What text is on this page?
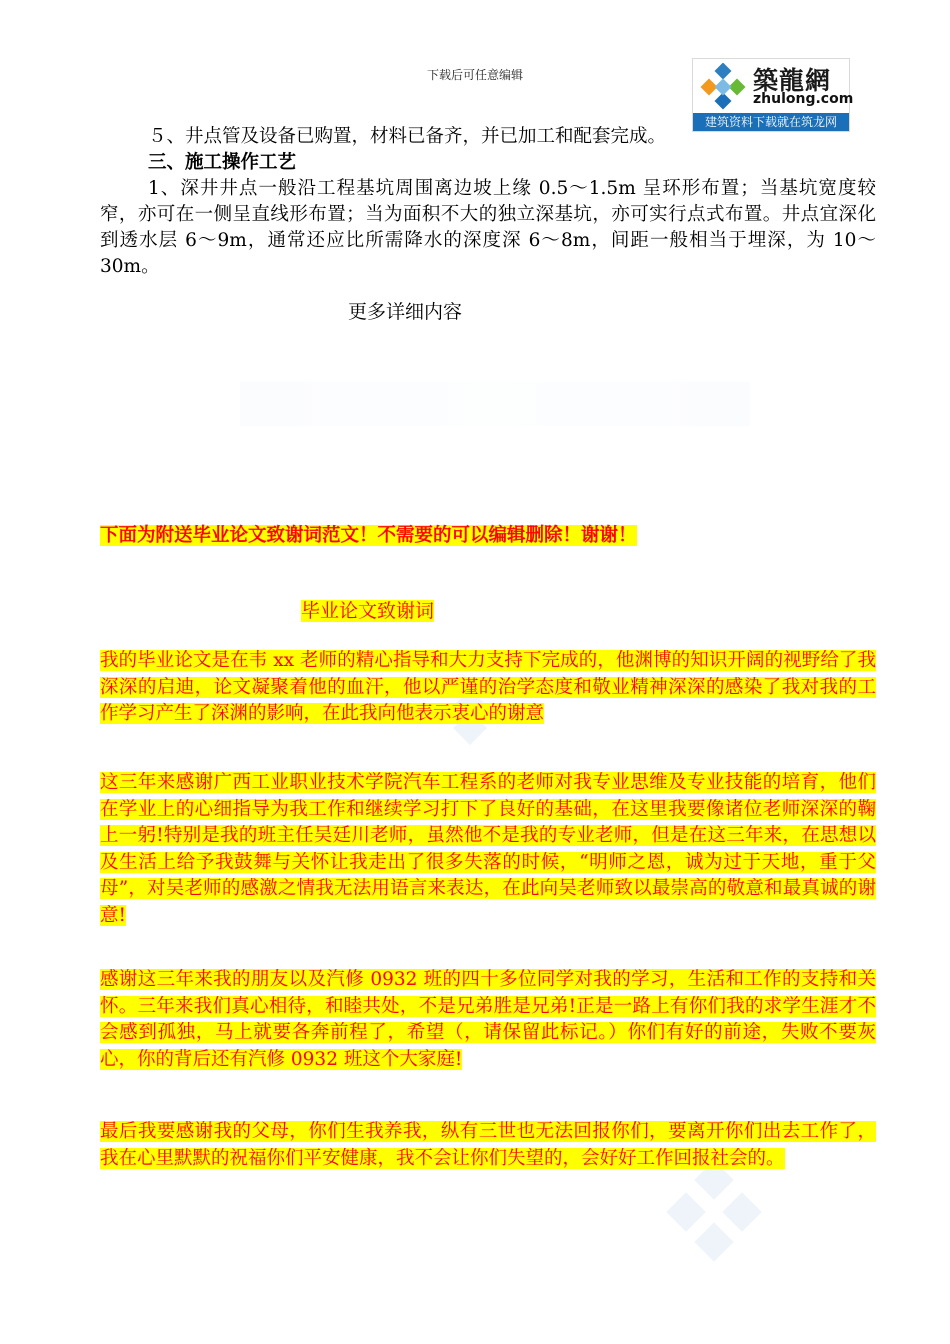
下载后可任意编辑	築龍網
zhulong.com
建筑资料下载就在筑龙网
５、井点管及设备已购置，材料已备齐，并已加工和配套完成。
三、施工操作工艺
1、深井井点一般沿工程基坑周围离边坡上缘 0.5～1.5m 呈环形布置；当基坑宽度较窄，亦可在一侧呈直线形布置；当为面积不大的独立深基坑，亦可实行点式布置。井点宜深化到透水层 6～9m，通常还应比所需降水的深度深 6～8m，间距一般相当于埋深，为 10～30m。
更多详细内容
下面为附送毕业论文致谢词范文！不需要的可以编辑删除！谢谢！
毕业论文致谢词
我的毕业论文是在韦 xx 老师的精心指导和大力支持下完成的，他渊博的知识开阔的视野给了我深深的启迪，论文凝聚着他的血汗，他以严谨的治学态度和敬业精神深深的感染了我对我的工作学习产生了深渊的影响，在此我向他表示衷心的谢意
这三年来感谢广西工业职业技术学院汽车工程系的老师对我专业思维及专业技能的培育，他们在学业上的心细指导为我工作和继续学习打下了良好的基础，在这里我要像诸位老师深深的鞠上一躬!特别是我的班主任吴廷川老师，虽然他不是我的专业老师，但是在这三年来，在思想以及生活上给予我鼓舞与关怀让我走出了很多失落的时候，“明师之恩，诚为过于天地，重于父母”，对吴老师的感激之情我无法用语言来表达，在此向吴老师致以最崇高的敬意和最真诚的谢意!
感谢这三年来我的朋友以及汽修 0932 班的四十多位同学对我的学习，生活和工作的支持和关怀。三年来我们真心相待，和睦共处，不是兄弟胜是兄弟!正是一路上有你们我的求学生涯才不会感到孤独，马上就要各奔前程了，希望（，请保留此标记。）你们有好的前途，失败不要灰心，你的背后还有汽修 0932 班这个大家庭!
最后我要感谢我的父母，你们生我养我，纵有三世也无法回报你们，要离开你们出去工作了，我在心里默默的祝福你们平安健康，我不会让你们失望的，会好好工作回报社会的。
